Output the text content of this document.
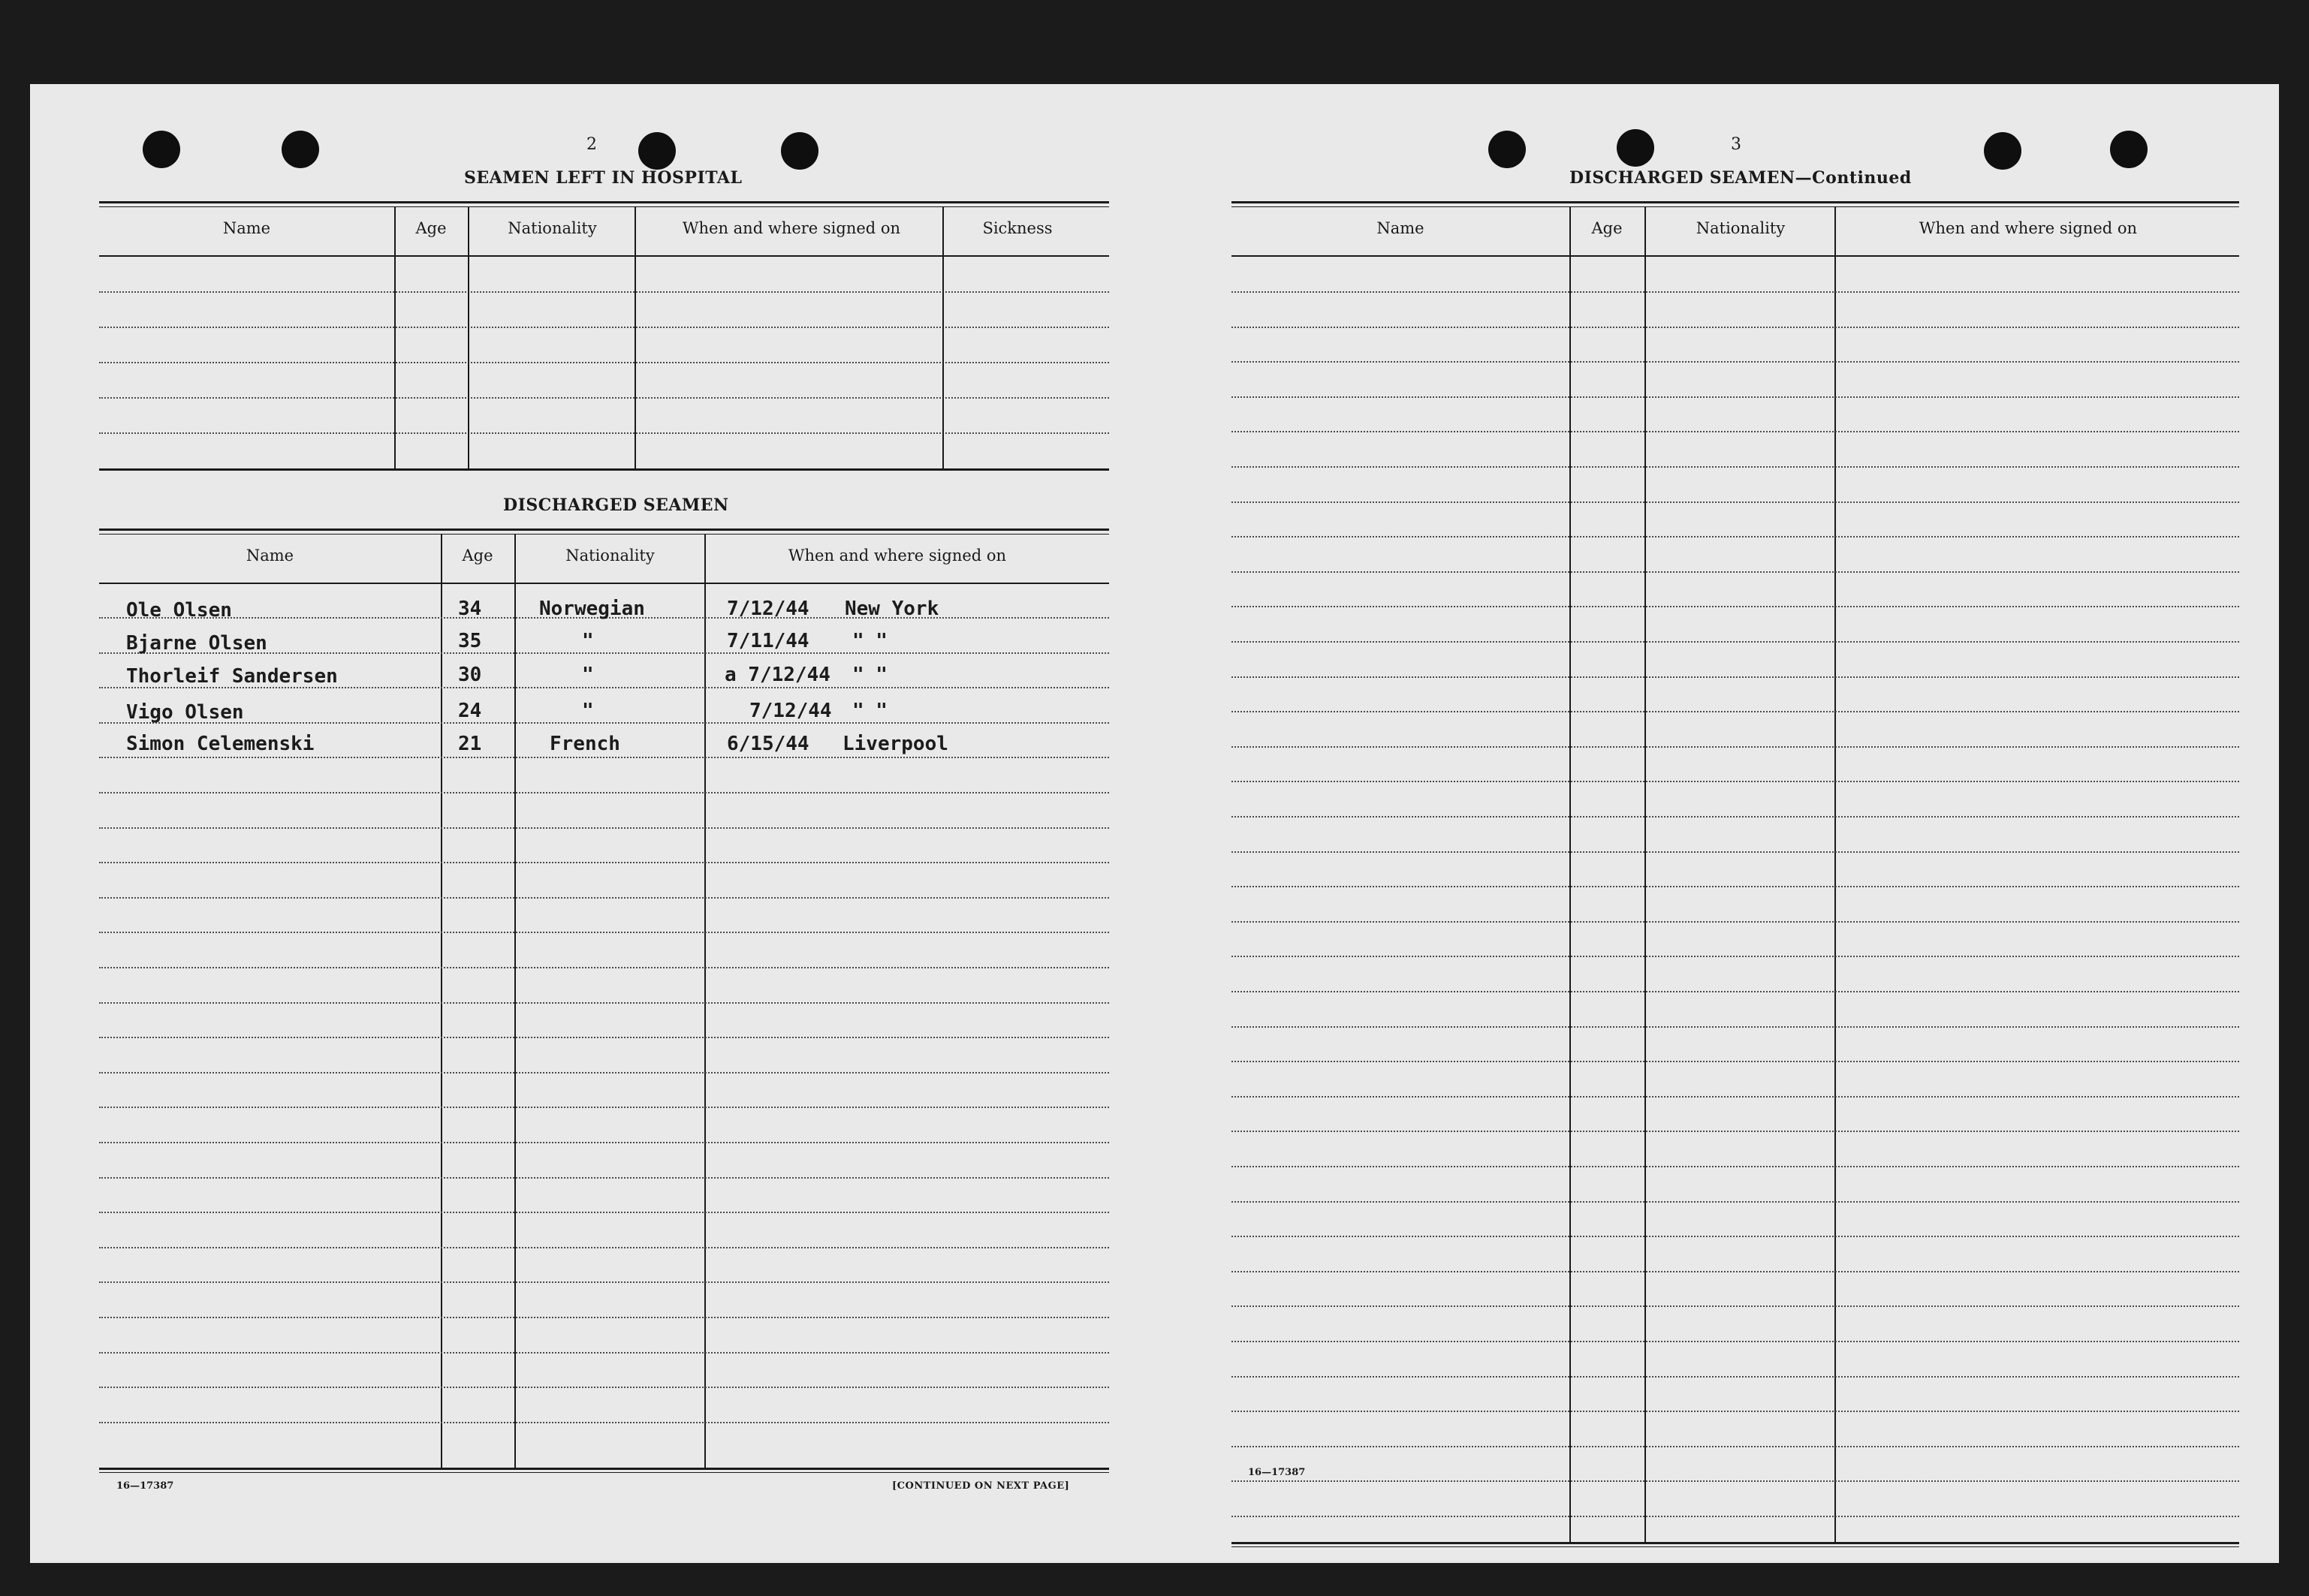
2
SEAMEN LEFT IN HOSPITAL
Name	Age	Nationality	When and where signed on	Sickness
DISCHARGED SEAMEN
Name	Age	Nationality	When and where signed on
Ole Olsen	34	Norwegian	7/12/44 New York
Bjarne Olsen	35	"	7/11/44 " "
Thorleif Sandersen	30	"	a 7/12/44 " "
Vigo Olsen	24	"	7/12/44 " "
Simon Celemenski	21	French	6/15/44 Liverpool
16—17387	[CONTINUED ON NEXT PAGE]
3
DISCHARGED SEAMEN—Continued
Name	Age	Nationality	When and where signed on
16—17387
